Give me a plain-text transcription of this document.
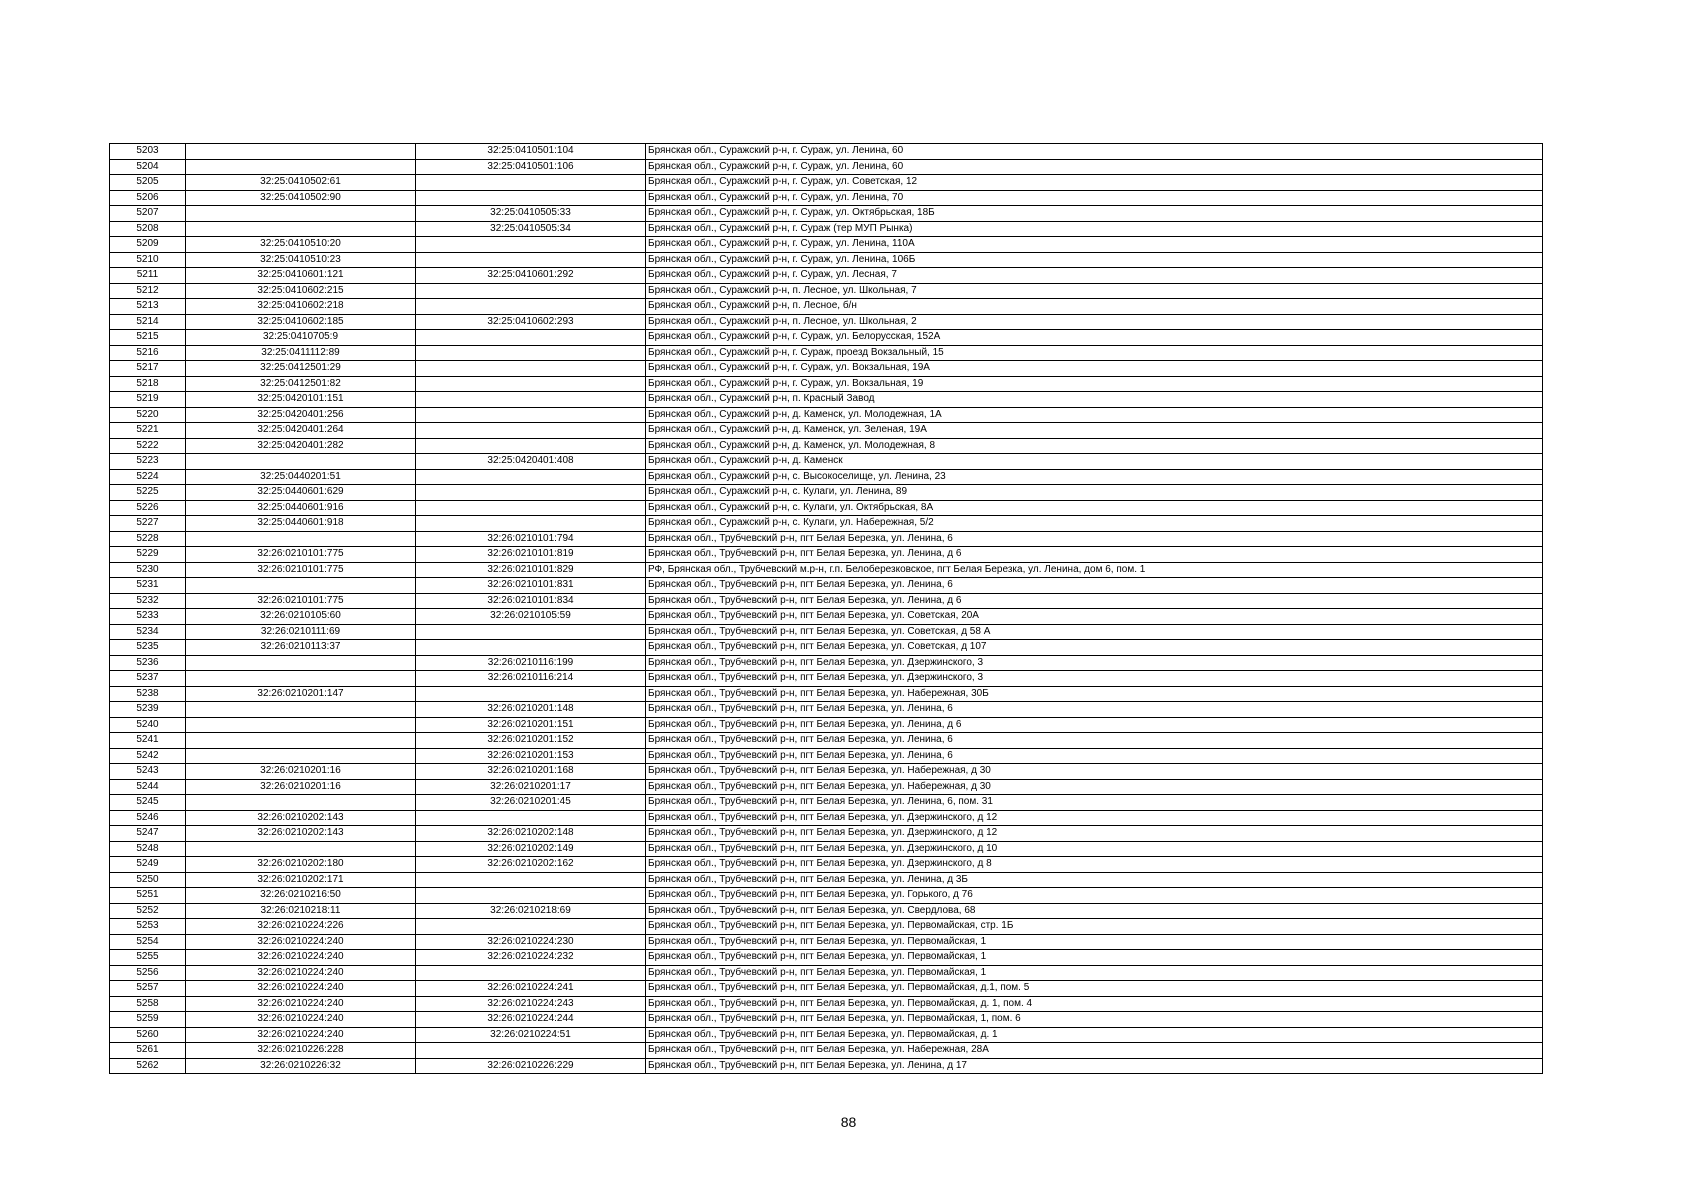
5203		32:25:0410501:104	Брянская обл., Суражский р-н, г. Сураж, ул. Ленина, 60
5204		32:25:0410501:106	Брянская обл., Суражский р-н, г. Сураж, ул. Ленина, 60
5205	32:25:0410502:61		Брянская обл., Суражский р-н, г. Сураж, ул. Советская, 12
5206	32:25:0410502:90		Брянская обл., Суражский р-н, г. Сураж, ул. Ленина, 70
5207		32:25:0410505:33	Брянская обл., Суражский р-н, г. Сураж, ул. Октябрьская, 18Б
5208		32:25:0410505:34	Брянская обл., Суражский р-н, г. Сураж (тер МУП Рынка)
5209	32:25:0410510:20		Брянская обл., Суражский р-н, г. Сураж, ул. Ленина, 110А
5210	32:25:0410510:23		Брянская обл., Суражский р-н, г. Сураж, ул. Ленина, 106Б
5211	32:25:0410601:121	32:25:0410601:292	Брянская обл., Суражский р-н, г. Сураж, ул. Лесная, 7
5212	32:25:0410602:215		Брянская обл., Суражский р-н, п. Лесное, ул. Школьная, 7
5213	32:25:0410602:218		Брянская обл., Суражский р-н, п. Лесное, б/н
5214	32:25:0410602:185	32:25:0410602:293	Брянская обл., Суражский р-н, п. Лесное, ул. Школьная, 2
5215	32:25:0410705:9		Брянская обл., Суражский р-н, г. Сураж, ул. Белорусская, 152А
5216	32:25:0411112:89		Брянская обл., Суражский р-н, г. Сураж, проезд Вокзальный, 15
5217	32:25:0412501:29		Брянская обл., Суражский р-н, г. Сураж, ул. Вокзальная, 19А
5218	32:25:0412501:82		Брянская обл., Суражский р-н, г. Сураж, ул. Вокзальная, 19
5219	32:25:0420101:151		Брянская обл., Суражский р-н, п. Красный Завод
5220	32:25:0420401:256		Брянская обл., Суражский р-н, д. Каменск, ул. Молодежная, 1А
5221	32:25:0420401:264		Брянская обл., Суражский р-н, д. Каменск, ул. Зеленая, 19А
5222	32:25:0420401:282		Брянская обл., Суражский р-н, д. Каменск, ул. Молодежная, 8
5223		32:25:0420401:408	Брянская обл., Суражский р-н, д. Каменск
5224	32:25:0440201:51		Брянская обл., Суражский р-н, с. Высокоселище, ул. Ленина, 23
5225	32:25:0440601:629		Брянская обл., Суражский р-н, с. Кулаги, ул. Ленина, 89
5226	32:25:0440601:916		Брянская обл., Суражский р-н, с. Кулаги, ул. Октябрьская, 8А
5227	32:25:0440601:918		Брянская обл., Суражский р-н, с. Кулаги, ул. Набережная, 5/2
5228		32:26:0210101:794	Брянская обл., Трубчевский р-н, пгт Белая Березка, ул. Ленина, 6
5229	32:26:0210101:775	32:26:0210101:819	Брянская обл., Трубчевский р-н, пгт Белая Березка, ул. Ленина, д 6
5230	32:26:0210101:775	32:26:0210101:829	РФ, Брянская обл., Трубчевский м.р-н, г.п. Белоберезковское, пгт Белая Березка, ул. Ленина, дом 6, пом. 1
5231		32:26:0210101:831	Брянская обл., Трубчевский р-н, пгт Белая Березка, ул. Ленина, 6
5232	32:26:0210101:775	32:26:0210101:834	Брянская обл., Трубчевский р-н, пгт Белая Березка, ул. Ленина, д 6
5233	32:26:0210105:60	32:26:0210105:59	Брянская обл., Трубчевский р-н, пгт Белая Березка, ул. Советская, 20А
5234	32:26:0210111:69		Брянская обл., Трубчевский р-н, пгт Белая Березка, ул. Советская, д 58 А
5235	32:26:0210113:37		Брянская обл., Трубчевский р-н, пгт Белая Березка, ул. Советская, д 107
5236		32:26:0210116:199	Брянская обл., Трубчевский р-н, пгт Белая Березка, ул. Дзержинского, 3
5237		32:26:0210116:214	Брянская обл., Трубчевский р-н, пгт Белая Березка, ул. Дзержинского, 3
5238	32:26:0210201:147		Брянская обл., Трубчевский р-н, пгт Белая Березка, ул. Набережная, 30Б
5239		32:26:0210201:148	Брянская обл., Трубчевский р-н, пгт Белая Березка, ул. Ленина, 6
5240		32:26:0210201:151	Брянская обл., Трубчевский р-н, пгт Белая Березка, ул. Ленина, д 6
5241		32:26:0210201:152	Брянская обл., Трубчевский р-н, пгт Белая Березка, ул. Ленина, 6
5242		32:26:0210201:153	Брянская обл., Трубчевский р-н, пгт Белая Березка, ул. Ленина, 6
5243	32:26:0210201:16	32:26:0210201:168	Брянская обл., Трубчевский р-н, пгт Белая Березка, ул. Набережная, д 30
5244	32:26:0210201:16	32:26:0210201:17	Брянская обл., Трубчевский р-н, пгт Белая Березка, ул. Набережная, д 30
5245		32:26:0210201:45	Брянская обл., Трубчевский р-н, пгт Белая Березка, ул. Ленина, 6, пом. 31
5246	32:26:0210202:143		Брянская обл., Трубчевский р-н, пгт Белая Березка, ул. Дзержинского, д 12
5247	32:26:0210202:143	32:26:0210202:148	Брянская обл., Трубчевский р-н, пгт Белая Березка, ул. Дзержинского, д 12
5248		32:26:0210202:149	Брянская обл., Трубчевский р-н, пгт Белая Березка, ул. Дзержинского, д 10
5249	32:26:0210202:180	32:26:0210202:162	Брянская обл., Трубчевский р-н, пгт Белая Березка, ул. Дзержинского, д 8
5250	32:26:0210202:171		Брянская обл., Трубчевский р-н, пгт Белая Березка, ул. Ленина, д 3Б
5251	32:26:0210216:50		Брянская обл., Трубчевский р-н, пгт Белая Березка, ул. Горького, д 76
5252	32:26:0210218:11	32:26:0210218:69	Брянская обл., Трубчевский р-н, пгт Белая Березка, ул. Свердлова, 68
5253	32:26:0210224:226		Брянская обл., Трубчевский р-н, пгт Белая Березка, ул. Первомайская, стр. 1Б
5254	32:26:0210224:240	32:26:0210224:230	Брянская обл., Трубчевский р-н, пгт Белая Березка, ул. Первомайская, 1
5255	32:26:0210224:240	32:26:0210224:232	Брянская обл., Трубчевский р-н, пгт Белая Березка, ул. Первомайская, 1
5256	32:26:0210224:240		Брянская обл., Трубчевский р-н, пгт Белая Березка, ул. Первомайская, 1
5257	32:26:0210224:240	32:26:0210224:241	Брянская обл., Трубчевский р-н, пгт Белая Березка, ул. Первомайская, д.1, пом. 5
5258	32:26:0210224:240	32:26:0210224:243	Брянская обл., Трубчевский р-н, пгт Белая Березка, ул. Первомайская, д. 1, пом. 4
5259	32:26:0210224:240	32:26:0210224:244	Брянская обл., Трубчевский р-н, пгт Белая Березка, ул. Первомайская, 1, пом. 6
5260	32:26:0210224:240	32:26:0210224:51	Брянская обл., Трубчевский р-н, пгт Белая Березка, ул. Первомайская, д. 1
5261	32:26:0210226:228		Брянская обл., Трубчевский р-н, пгт Белая Березка, ул. Набережная, 28А
5262	32:26:0210226:32	32:26:0210226:229	Брянская обл., Трубчевский р-н, пгт Белая Березка, ул. Ленина, д 17
88
